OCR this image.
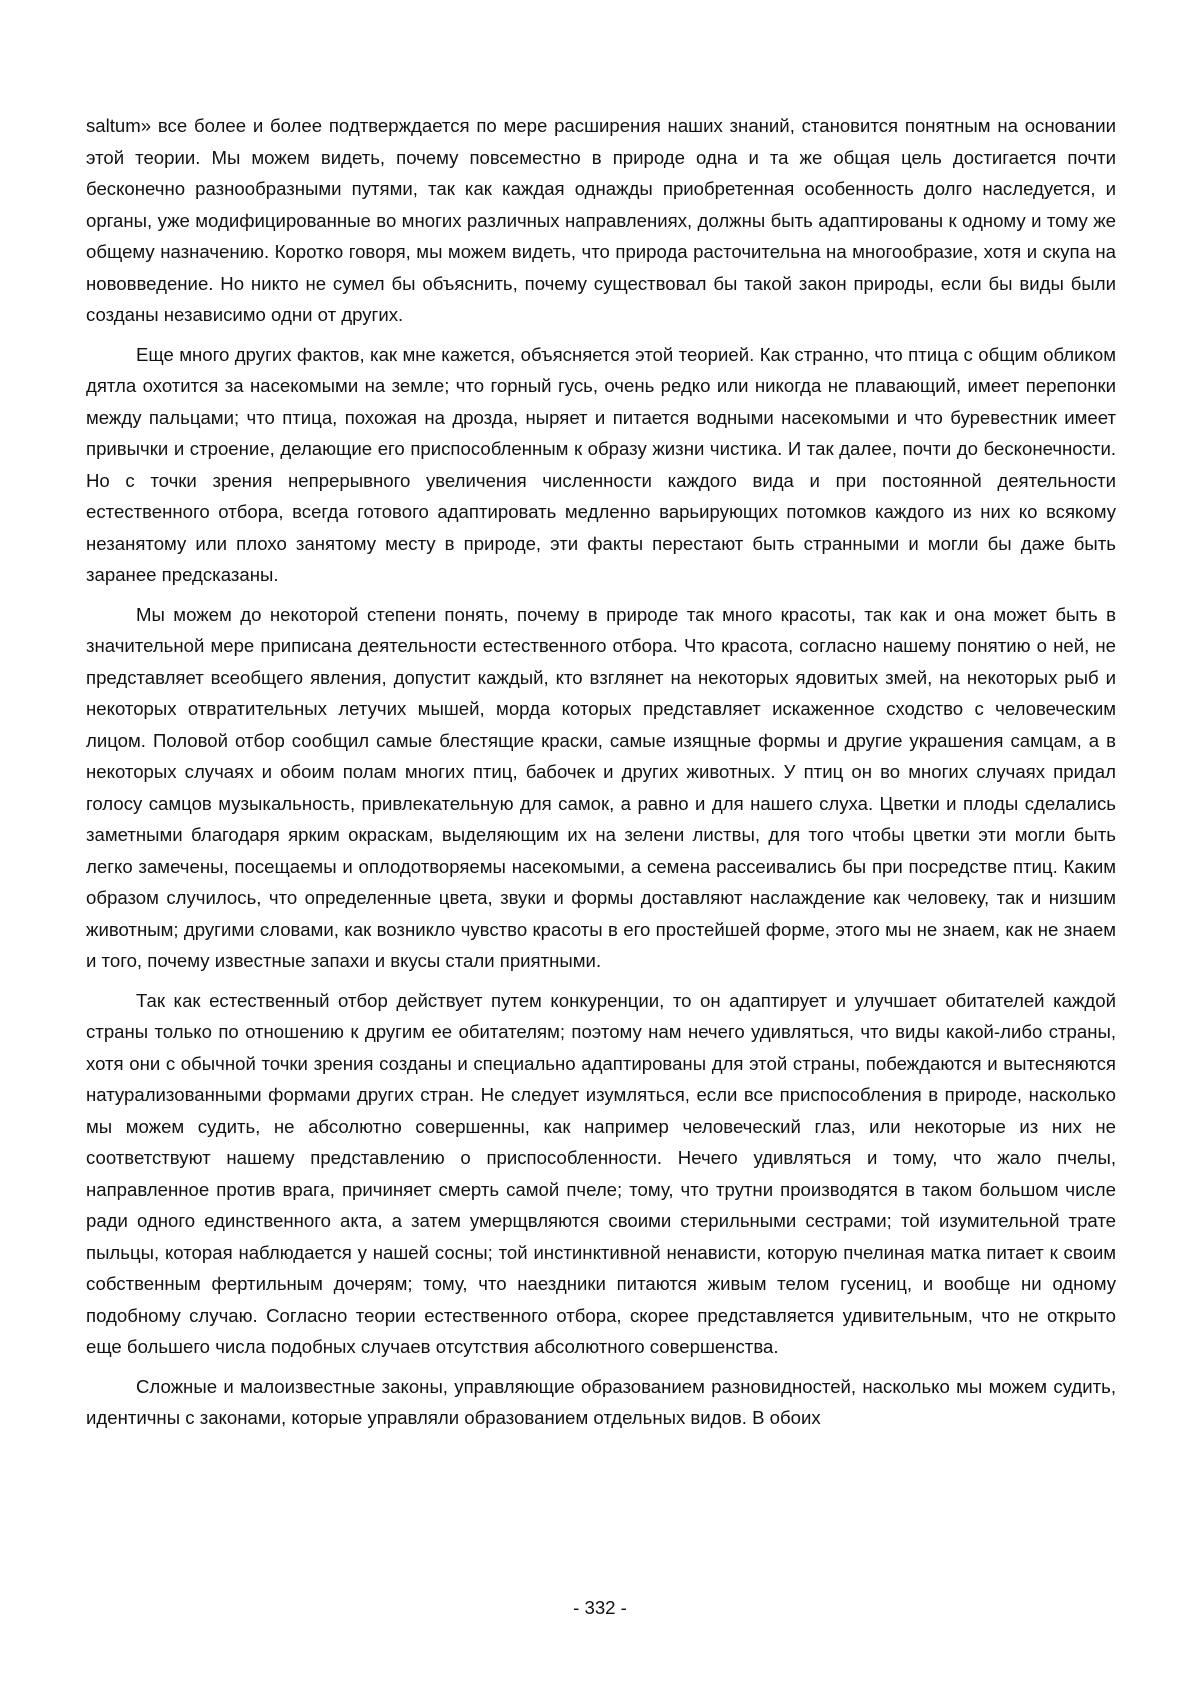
saltum» все более и более подтверждается по мере расширения наших знаний, становится понятным на основании этой теории. Мы можем видеть, почему повсеместно в природе одна и та же общая цель достигается почти бесконечно разнообразными путями, так как каждая однажды приобретенная особенность долго наследуется, и органы, уже модифицированные во многих различных направлениях, должны быть адаптированы к одному и тому же общему назначению. Коротко говоря, мы можем видеть, что природа расточительна на многообразие, хотя и скупа на нововведение. Но никто не сумел бы объяснить, почему существовал бы такой закон природы, если бы виды были созданы независимо одни от других.

Еще много других фактов, как мне кажется, объясняется этой теорией. Как странно, что птица с общим обликом дятла охотится за насекомыми на земле; что горный гусь, очень редко или никогда не плавающий, имеет перепонки между пальцами; что птица, похожая на дрозда, ныряет и питается водными насекомыми и что буревестник имеет привычки и строение, делающие его приспособленным к образу жизни чистика. И так далее, почти до бесконечности. Но с точки зрения непрерывного увеличения численности каждого вида и при постоянной деятельности естественного отбора, всегда готового адаптировать медленно варьирующих потомков каждого из них ко всякому незанятому или плохо занятому месту в природе, эти факты перестают быть странными и могли бы даже быть заранее предсказаны.

Мы можем до некоторой степени понять, почему в природе так много красоты, так как и она может быть в значительной мере приписана деятельности естественного отбора. Что красота, согласно нашему понятию о ней, не представляет всеобщего явления, допустит каждый, кто взглянет на некоторых ядовитых змей, на некоторых рыб и некоторых отвратительных летучих мышей, морда которых представляет искаженное сходство с человеческим лицом. Половой отбор сообщил самые блестящие краски, самые изящные формы и другие украшения самцам, а в некоторых случаях и обоим полам многих птиц, бабочек и других животных. У птиц он во многих случаях придал голосу самцов музыкальность, привлекательную для самок, а равно и для нашего слуха. Цветки и плоды сделались заметными благодаря ярким окраскам, выделяющим их на зелени листвы, для того чтобы цветки эти могли быть легко замечены, посещаемы и оплодотворяемы насекомыми, а семена рассеивались бы при посредстве птиц. Каким образом случилось, что определенные цвета, звуки и формы доставляют наслаждение как человеку, так и низшим животным; другими словами, как возникло чувство красоты в его простейшей форме, этого мы не знаем, как не знаем и того, почему известные запахи и вкусы стали приятными.

Так как естественный отбор действует путем конкуренции, то он адаптирует и улучшает обитателей каждой страны только по отношению к другим ее обитателям; поэтому нам нечего удивляться, что виды какой-либо страны, хотя они с обычной точки зрения созданы и специально адаптированы для этой страны, побеждаются и вытесняются натурализованными формами других стран. Не следует изумляться, если все приспособления в природе, насколько мы можем судить, не абсолютно совершенны, как например человеческий глаз, или некоторые из них не соответствуют нашему представлению о приспособленности. Нечего удивляться и тому, что жало пчелы, направленное против врага, причиняет смерть самой пчеле; тому, что трутни производятся в таком большом числе ради одного единственного акта, а затем умерщвляются своими стерильными сестрами; той изумительной трате пыльцы, которая наблюдается у нашей сосны; той инстинктивной ненависти, которую пчелиная матка питает к своим собственным фертильным дочерям; тому, что наездники питаются живым телом гусениц, и вообще ни одному подобному случаю. Согласно теории естественного отбора, скорее представляется удивительным, что не открыто еще большего числа подобных случаев отсутствия абсолютного совершенства.

Сложные и малоизвестные законы, управляющие образованием разновидностей, насколько мы можем судить, идентичны с законами, которые управляли образованием отдельных видов. В обоих

- 332 -
